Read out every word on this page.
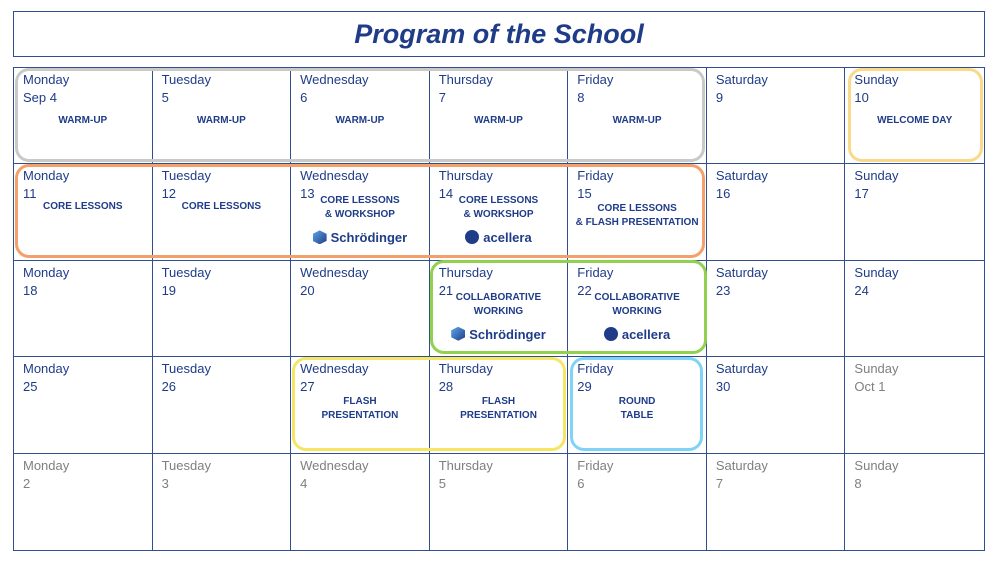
Program of the School
Monday
Sep 4
WARM-UP
Tuesday
5
WARM-UP
Wednesday
6
WARM-UP
Thursday
7
WARM-UP
Friday
8
WARM-UP
Saturday
9
Sunday
10
WELCOME DAY
Monday
11
CORE LESSONS
Tuesday
12
CORE LESSONS
Wednesday
13 CORE LESSONS
& WORKSHOP
Schrödinger
Thursday
14 CORE LESSONS
& WORKSHOP
acellera
Friday
15
CORE LESSONS
& FLASH PRESENTATION
Saturday
16
Sunday
17
Monday
18
Tuesday
19
Wednesday
20
Thursday
21 COLLABORATIVE
WORKING
Schrödinger
Friday
22 COLLABORATIVE
WORKING
acellera
Saturday
23
Sunday
24
Monday
25
Tuesday
26
Wednesday
27
FLASH
PRESENTATION
Thursday
28
FLASH
PRESENTATION
Friday
29
ROUND
TABLE
Saturday
30
Sunday
Oct 1
Monday
2
Tuesday
3
Wednesday
4
Thursday
5
Friday
6
Saturday
7
Sunday
8
